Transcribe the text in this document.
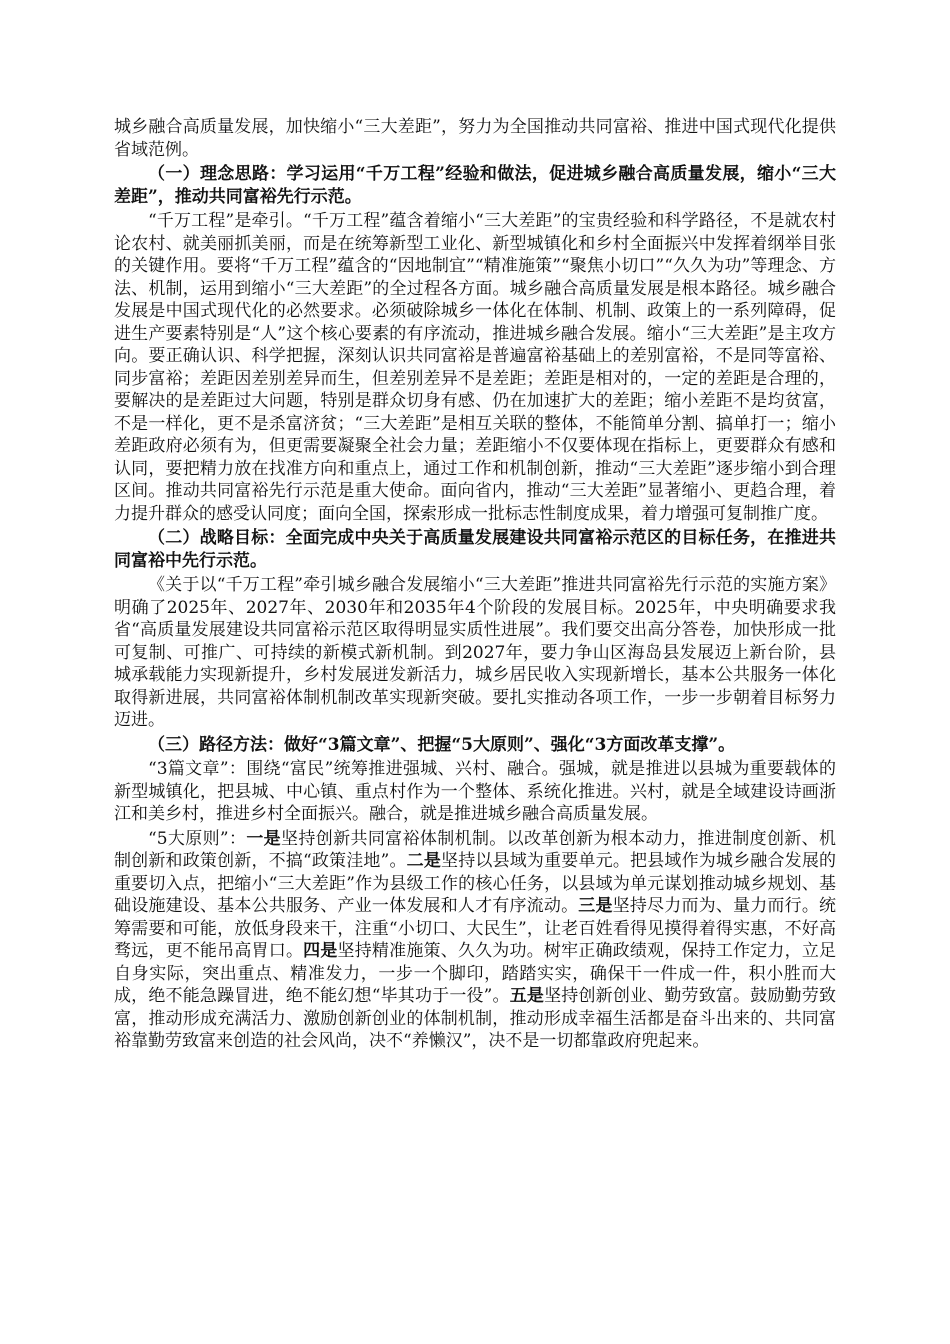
城乡融合高质量发展，加快缩小“三大差距”，努力为全国推动共同富裕、推进中国式现代化提供省域范例。

（一）理念思路：学习运用“千万工程”经验和做法，促进城乡融合高质量发展，缩小“三大差距”，推动共同富裕先行示范。

“千万工程”是牵引。“千万工程”蕴含着缩小“三大差距”的宝贵经验和科学路径，不是就农村论农村、就美丽抓美丽，而是在统筹新型工业化、新型城镇化和乡村全面振兴中发挥着纲举目张的关键作用。要将“千万工程”蕴含的“因地制宜”“精准施策”“聚焦小切口”“久久为功”等理念、方法、机制，运用到缩小“三大差距”的全过程各方面。城乡融合高质量发展是根本路径。城乡融合发展是中国式现代化的必然要求。必须破除城乡一体化在体制、机制、政策上的一系列障碍，促进生产要素特别是“人”这个核心要素的有序流动，推进城乡融合发展。缩小“三大差距”是主攻方向。要正确认识、科学把握，深刻认识共同富裕是普遍富裕基础上的差别富裕，不是同等富裕、同步富裕；差距因差别差异而生，但差别差异不是差距；差距是相对的，一定的差距是合理的，要解决的是差距过大问题，特别是群众切身有感、仍在加速扩大的差距；缩小差距不是均贫富，不是一样化，更不是杀富济贫；“三大差距”是相互关联的整体，不能简单分割、搞单打一；缩小差距政府必须有为，但更需要凝聚全社会力量；差距缩小不仅要体现在指标上，更要群众有感和认同，要把精力放在找准方向和重点上，通过工作和机制创新，推动“三大差距”逐步缩小到合理区间。推动共同富裕先行示范是重大使命。面向省内，推动“三大差距”显著缩小、更趋合理，着力提升群众的感受认同度；面向全国，探索形成一批标志性制度成果，着力增强可复制推广度。

（二）战略目标：全面完成中央关于高质量发展建设共同富裕示范区的目标任务，在推进共同富裕中先行示范。

《关于以“千万工程”牵引城乡融合发展缩小“三大差距”推进共同富裕先行示范的实施方案》明确了2025年、2027年、2030年和2035年4个阶段的发展目标。2025年，中央明确要求我省“高质量发展建设共同富裕示范区取得明显实质性进展”。我们要交出高分答卷，加快形成一批可复制、可推广、可持续的新模式新机制。到2027年，要力争山区海岛县发展迈上新台阶，县城承载能力实现新提升，乡村发展迸发新活力，城乡居民收入实现新增长，基本公共服务一体化取得新进展，共同富裕体制机制改革实现新突破。要扎实推动各项工作，一步一步朝着目标努力迈进。

（三）路径方法：做好“3篇文章”、把握“5大原则”、强化“3方面改革支撑”。

“3篇文章”：围绕“富民”统筹推进强城、兴村、融合。强城，就是推进以县城为重要载体的新型城镇化，把县城、中心镇、重点村作为一个整体、系统化推进。兴村，就是全域建设诗画浙江和美乡村，推进乡村全面振兴。融合，就是推进城乡融合高质量发展。

“5大原则”：一是坚持创新共同富裕体制机制。以改革创新为根本动力，推进制度创新、机制创新和政策创新，不搞“政策洼地”。二是坚持以县域为重要单元。把县域作为城乡融合发展的重要切入点，把缩小“三大差距”作为县级工作的核心任务，以县域为单元谋划推动城乡规划、基础设施建设、基本公共服务、产业一体发展和人才有序流动。三是坚持尽力而为、量力而行。统筹需要和可能，放低身段来干，注重“小切口、大民生”，让老百姓看得见摸得着得实惠，不好高骛远，更不能吊高胃口。四是坚持精准施策、久久为功。树牢正确政绩观，保持工作定力，立足自身实际，突出重点、精准发力，一步一个脚印，踏踏实实，确保干一件成一件，积小胜而大成，绝不能急躁冒进，绝不能幻想“毕其功于一役”。五是坚持创新创业、勤劳致富。鼓励勤劳致富，推动形成充满活力、激励创新创业的体制机制，推动形成幸福生活都是奋斗出来的、共同富裕靠勤劳致富来创造的社会风尚，决不“养懒汉”，决不是一切都靠政府兜起来。
